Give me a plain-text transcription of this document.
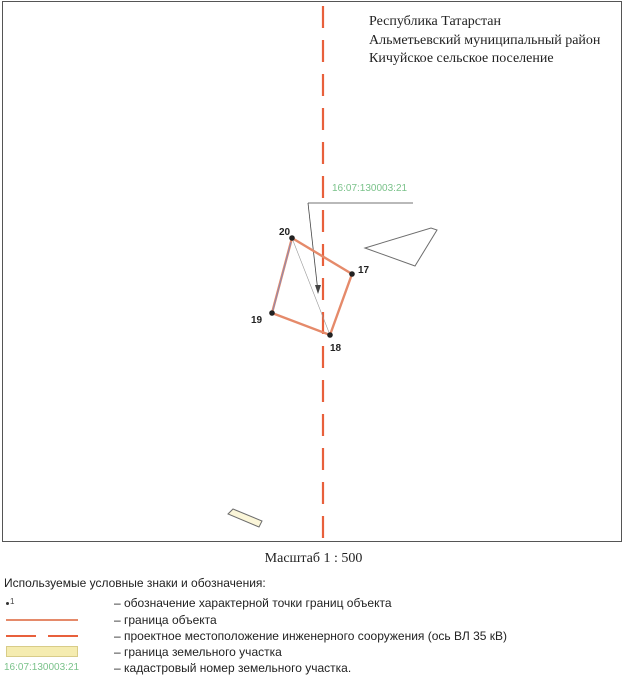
20
17
18
19
16:07:130003:21
Республика Татарстан
Альметьевский муниципальный район
Кичуйское сельское поселение
Масштаб 1 : 500
Используемые условные знаки и обозначения:
1	– обозначение характерной точки границ объекта
– граница объекта
– проектное местоположение инженерного сооружения (ось ВЛ 35 кВ)
– граница земельного участка
16:07:130003:21	– кадастровый номер земельного участка.
